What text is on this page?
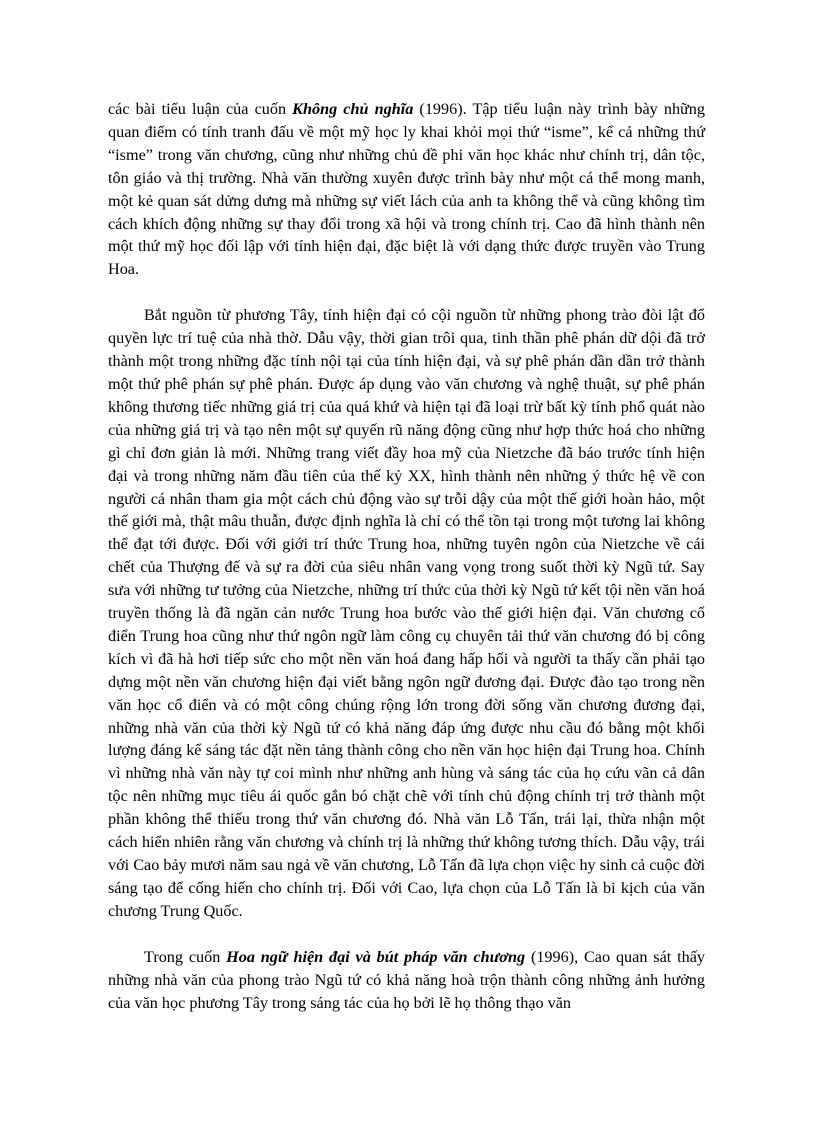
các bài tiểu luận của cuốn Không chủ nghĩa (1996). Tập tiểu luận này trình bày những quan điểm có tính tranh đấu về một mỹ học ly khai khỏi mọi thứ “isme”, kể cả những thứ “isme” trong văn chương, cũng như những chủ đề phi văn học khác như chính trị, dân tộc, tôn giáo và thị trường. Nhà văn thường xuyên được trình bày như một cá thể mong manh, một kẻ quan sát dửng dưng mà những sự viết lách của anh ta không thể và cũng không tìm cách khích động những sự thay đổi trong xã hội và trong chính trị. Cao đã hình thành nên một thứ mỹ học đối lập với tính hiện đại, đặc biệt là với dạng thức được truyền vào Trung Hoa.

Bắt nguồn từ phương Tây, tính hiện đại có cội nguồn từ những phong trào đòi lật đổ quyền lực trí tuệ của nhà thờ. Dẫu vậy, thời gian trôi qua, tinh thần phê phán dữ dội đã trở thành một trong những đặc tính nội tại của tính hiện đại, và sự phê phán dần dần trở thành một thứ phê phán sự phê phán. Được áp dụng vào văn chương và nghệ thuật, sự phê phán không thương tiếc những giá trị của quá khứ và hiện tại đã loại trừ bất kỳ tính phổ quát nào của những giá trị và tạo nên một sự quyến rũ năng động cũng như hợp thức hoá cho những gì chỉ đơn giản là mới. Những trang viết đầy hoa mỹ của Nietzche đã báo trước tính hiện đại và trong những năm đầu tiên của thế kỷ XX, hình thành nên những ý thức hệ về con người cá nhân tham gia một cách chủ động vào sự trỗi dậy của một thế giới hoàn hảo, một thế giới mà, thật mâu thuẫn, được định nghĩa là chỉ có thể tồn tại trong một tương lai không thể đạt tới được. Đối với giới trí thức Trung hoa, những tuyên ngôn của Nietzche về cái chết của Thượng đế và sự ra đời của siêu nhân vang vọng trong suốt thời kỳ Ngũ tứ. Say sưa với những tư tưởng của Nietzche, những trí thức của thời kỳ Ngũ tứ kết tội nền văn hoá truyền thống là đã ngăn cản nước Trung hoa bước vào thế giới hiện đại. Văn chương cổ điển Trung hoa cũng như thứ ngôn ngữ làm công cụ chuyên tải thứ văn chương đó bị công kích vì đã hà hơi tiếp sức cho một nền văn hoá đang hấp hối và người ta thấy cần phải tạo dựng một nền văn chương hiện đại viết bằng ngôn ngữ đương đại. Được đào tạo trong nền văn học cổ điển và có một công chúng rộng lớn trong đời sống văn chương đương đại, những nhà văn của thời kỳ Ngũ tứ có khả năng đáp ứng được nhu cầu đó bằng một khối lượng đáng kể sáng tác đặt nền tảng thành công cho nền văn học hiện đại Trung hoa. Chính vì những nhà văn này tự coi mình như những anh hùng và sáng tác của họ cứu vãn cả dân tộc nên những mục tiêu ái quốc gắn bó chặt chẽ với tính chủ động chính trị trở thành một phần không thể thiếu trong thứ văn chương đó. Nhà văn Lỗ Tấn, trái lại, thừa nhận một cách hiển nhiên rằng văn chương và chính trị là những thứ không tương thích. Dẫu vậy, trái với Cao bảy mươi năm sau ngả về văn chương, Lỗ Tấn đã lựa chọn việc hy sinh cả cuộc đời sáng tạo để cống hiến cho chính trị. Đối với Cao, lựa chọn của Lỗ Tấn là bi kịch của văn chương Trung Quốc.

Trong cuốn Hoa ngữ hiện đại và bút pháp văn chương (1996), Cao quan sát thấy những nhà văn của phong trào Ngũ tứ có khả năng hoà trộn thành công những ảnh hưởng của văn học phương Tây trong sáng tác của họ bởi lẽ họ thông thạo văn
